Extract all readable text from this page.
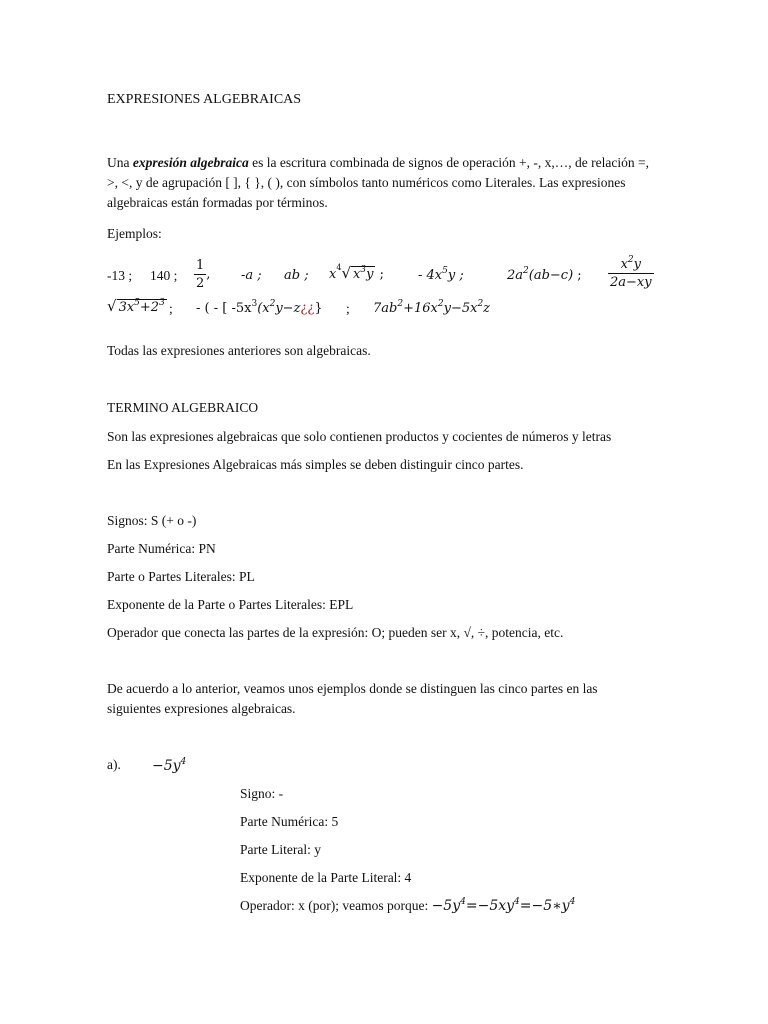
EXPRESIONES ALGEBRAICAS
Una expresión algebraica es la escritura combinada de signos de operación +, -, x,…, de relación =, >, <, y de agrupación [ ], { }, ( ), con símbolos tanto numéricos como Literales. Las expresiones algebraicas están formadas por términos.
Ejemplos:
-13 ; 140 ; $\frac{1}{2}$ , -a ; ab ; $x^4$ √ $x^3y$ ;	- $4x^5y$ ;	$2a^2(ab-c)$ ; $\frac{x^2y}{2a-xy}$
√ $3x^5+2^3$ ; - ( - [ $-5x^3(x^2y-z¿¿\}$ ; $7ab^2+16x^2y-5x^2z$
Todas las expresiones anteriores son algebraicas.
TERMINO ALGEBRAICO
Son las expresiones algebraicas que solo contienen productos y cocientes de números y letras
En las Expresiones Algebraicas más simples se deben distinguir cinco partes.
Signos: S (+ o -)
Parte Numérica: PN
Parte o Partes Literales: PL
Exponente de la Parte o Partes Literales: EPL
Operador que conecta las partes de la expresión: O; pueden ser x, √, ÷, potencia, etc.
De acuerdo a lo anterior, veamos unos ejemplos donde se distinguen las cinco partes en las siguientes expresiones algebraicas.
a). $-5y^4$
Signo: -
Parte Numérica: 5
Parte Literal: y
Exponente de la Parte Literal: 4
Operador: x (por); veamos porque: $-5y^4=-5xy^4=-5∗y^4$
